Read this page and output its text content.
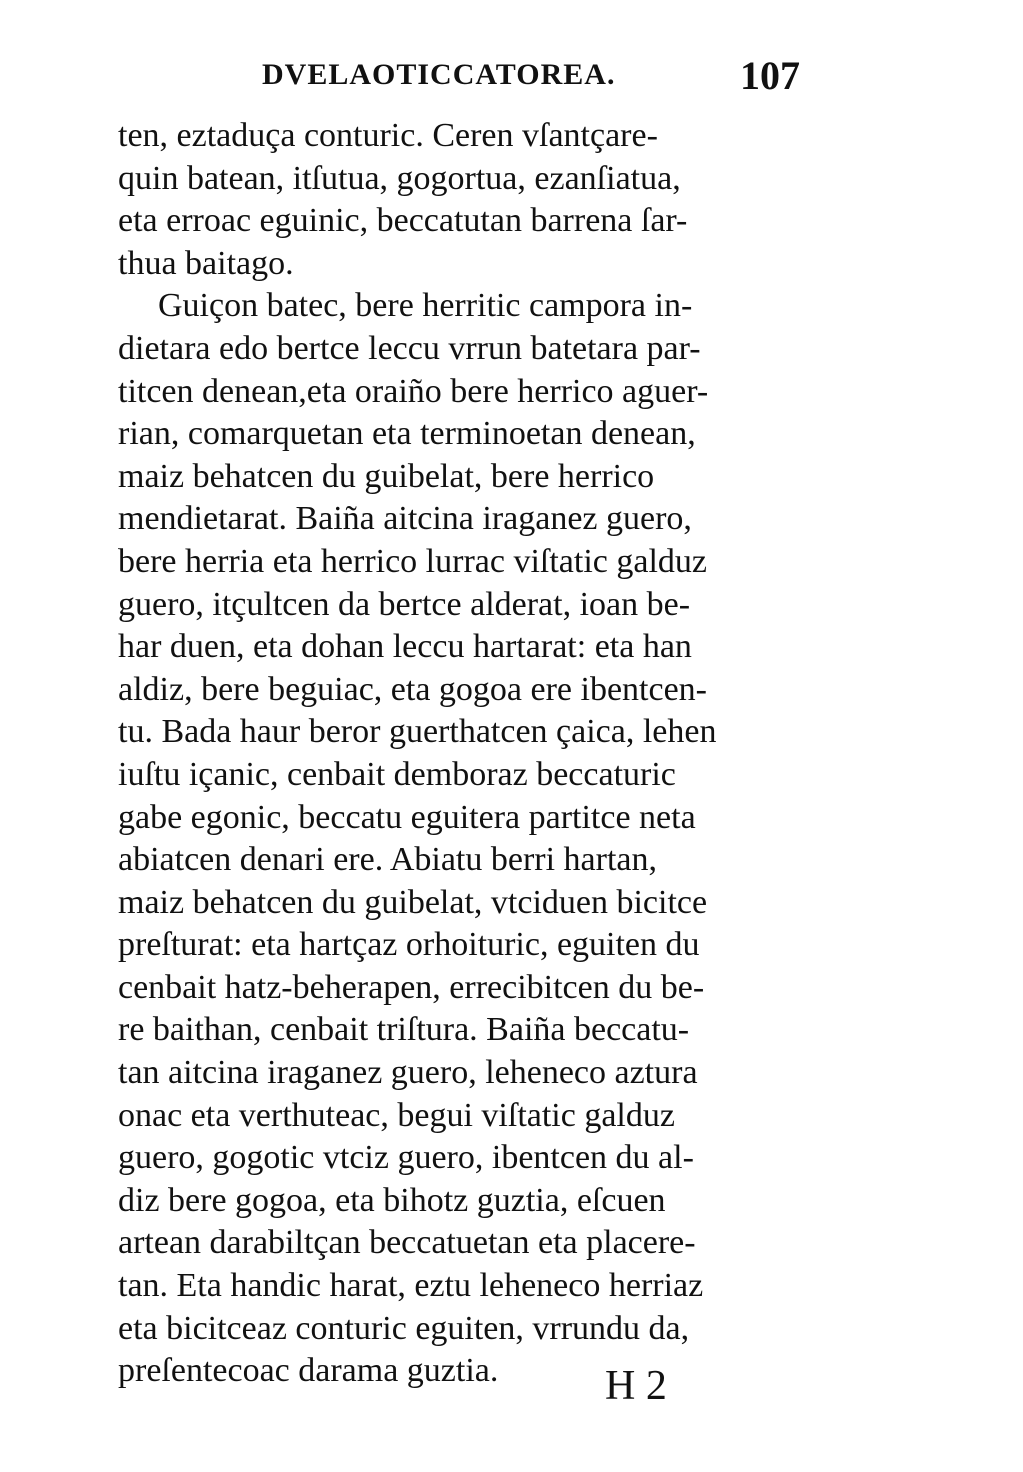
DVELAOTICCATOREA.	107
ten, eztaduça conturic. Ceren vſantçare-
quin batean, itſutua, gogortua, ezanſiatua,
eta erroac eguinic, beccatutan barrena ſar-
thua baitago.
Guiçon batec, bere herritic campora in-
dietara edo bertce leccu vrrun batetara par-
titcen denean,eta oraiño bere herrico aguer-
rian, comarquetan eta terminoetan denean,
maiz behatcen du guibelat, bere herrico
mendietarat. Baiña aitcina iraganez guero,
bere herria eta herrico lurrac viſtatic galduz
guero, itçultcen da bertce alderat, ioan be-
har duen, eta dohan leccu hartarat: eta han
aldiz, bere beguiac, eta gogoa ere ibentcen-
tu. Bada haur beror guerthatcen çaica, lehen
iuſtu içanic, cenbait demboraz beccaturic
gabe egonic, beccatu eguitera partitce neta
abiatcen denari ere. Abiatu berri hartan,
maiz behatcen du guibelat, vtciduen bicitce
preſturat: eta hartçaz orhoituric, eguiten du
cenbait hatz-beherapen, errecibitcen du be-
re baithan, cenbait triſtura. Baiña beccatu-
tan aitcina iraganez guero, leheneco azturа
onac eta verthuteac, begui viſtatic galduz
guero, gogotic vtciz guero, ibentcen du al-
diz bere gogoa, eta bihotz guztia, eſcuen
artean darabiltçan beccatuetan eta placere-
tan. Eta handic harat, eztu leheneco herriaz
eta bicitceaz conturic eguiten, vrrundu da,
preſentecoac darama guztia.	H 2
